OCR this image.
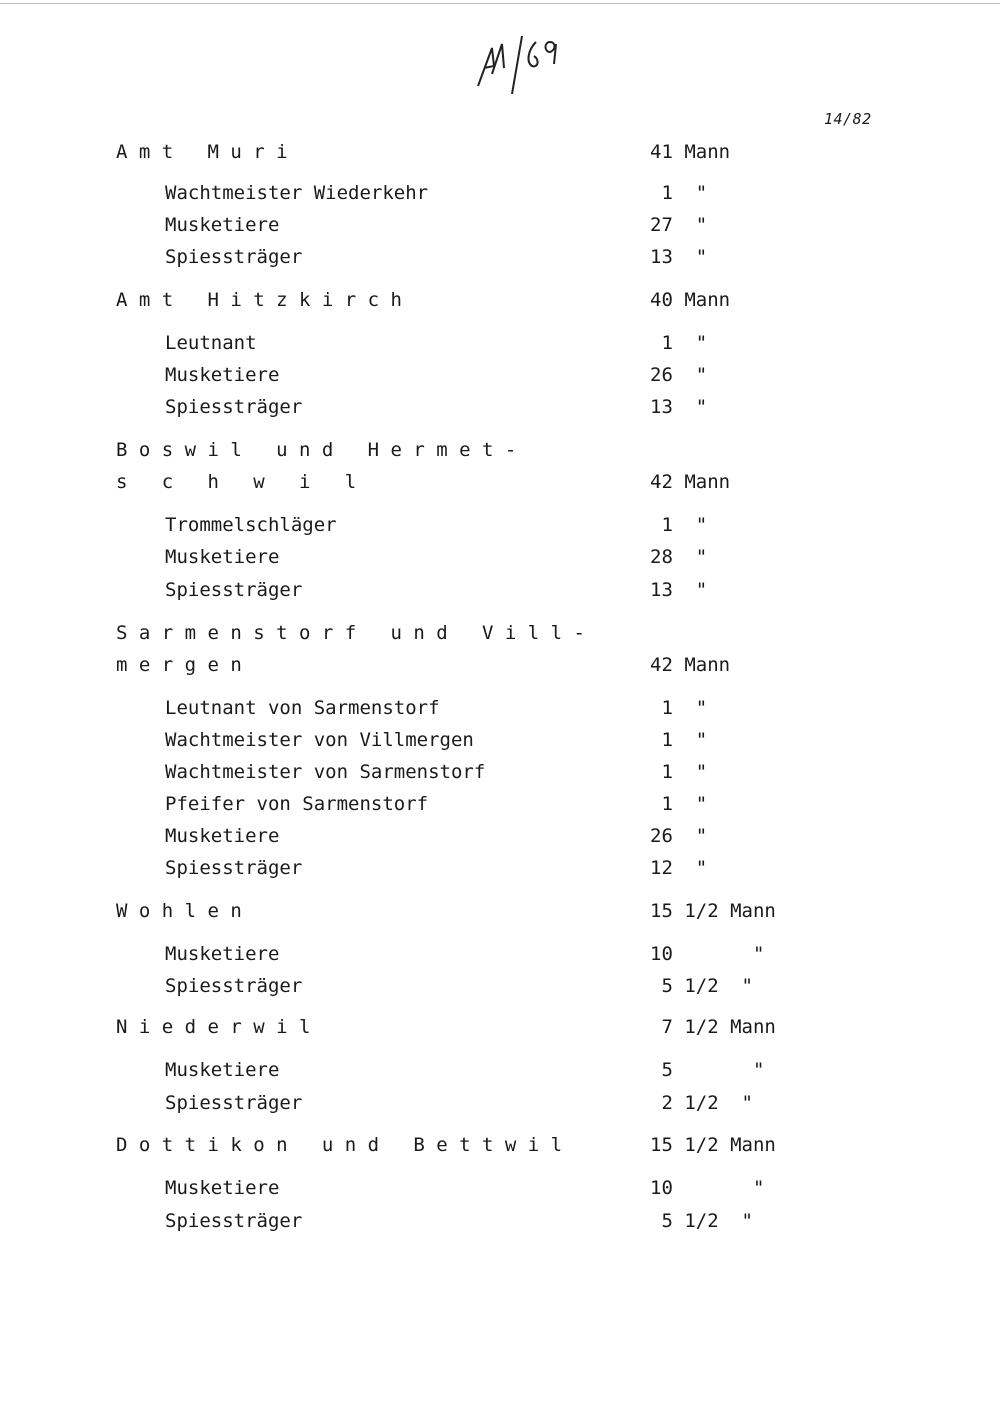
14/82
A m t   M u r i	41 Mann
Wachtmeister Wiederkehr	1  "
Musketiere	27  "
Spiessträger	13  "
A m t   H i t z k i r c h	40 Mann
Leutnant	1  "
Musketiere	26  "
Spiessträger	13  "
B o s w i l   u n d   H e r m e t -
s   c   h   w   i   l	42 Mann
Trommelschläger	1  "
Musketiere	28  "
Spiessträger	13  "
S a r m e n s t o r f   u n d   V i l l -
m e r g e n	42 Mann
Leutnant von Sarmenstorf	1  "
Wachtmeister von Villmergen	1  "
Wachtmeister von Sarmenstorf	1  "
Pfeifer von Sarmenstorf	1  "
Musketiere	26  "
Spiessträger	12  "
W o h l e n	15 1/2 Mann
Musketiere	10       "
Spiessträger	5 1/2  "
N i e d e r w i l	7 1/2 Mann
Musketiere	5       "
Spiessträger	2 1/2  "
D o t t i k o n   u n d   B e t t w i l	15 1/2 Mann
Musketiere	10       "
Spiessträger	5 1/2  "
